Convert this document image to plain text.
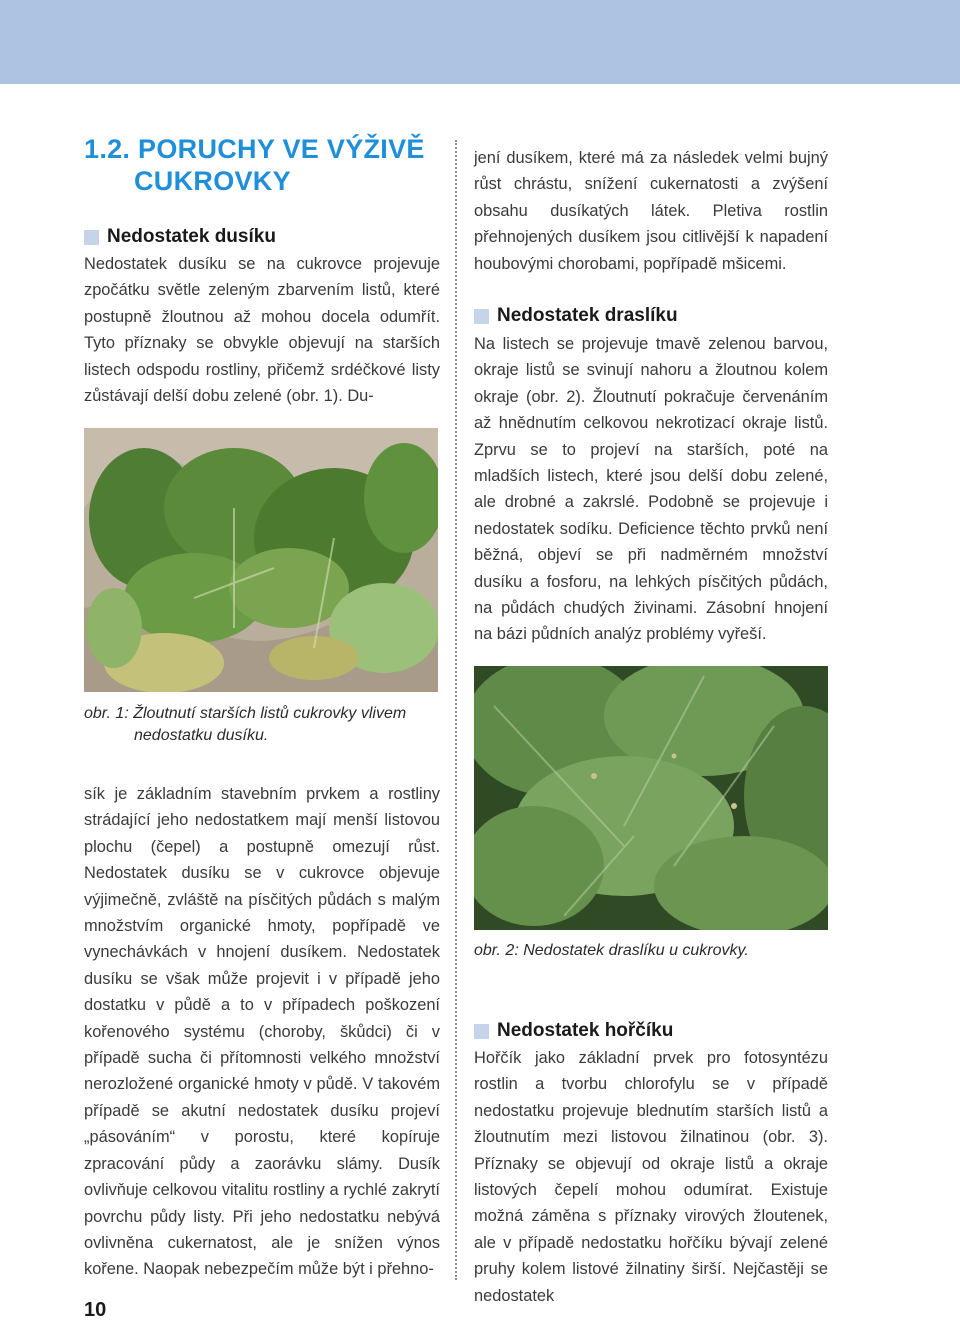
1.2. PORUCHY VE VÝŽIVĚ
CUKROVKY
Nedostatek dusíku

Nedostatek dusíku se na cukrovce projevuje zpočátku světle zeleným zbarvením listů, které postupně žloutnou až mohou docela odumřít. Tyto příznaky se obvykle objevují na starších listech odspodu rostliny, přičemž srdéčkové listy zůstávají delší dobu zelené (obr. 1). Du-

obr. 1: Žloutnutí starších listů cukrovky vlivem
nedostatku dusíku.

sík je základním stavebním prvkem a rostliny strádající jeho nedostatkem mají menší listovou plochu (čepel) a postupně omezují růst. Nedostatek dusíku se v cukrovce objevuje výjimečně, zvláště na písčitých půdách s malým množstvím organické hmoty, popřípadě ve vynechávkách v hnojení dusíkem. Nedostatek dusíku se však může projevit i v případě jeho dostatku v půdě a to v případech poškození kořenového systému (choroby, škůdci) či v případě sucha či přítomnosti velkého množství nerozložené organické hmoty v půdě. V takovém případě se akutní nedostatek dusíku projeví „pásováním“ v porostu, které kopíruje zpracování půdy a zaorávku slámy. Dusík ovlivňuje celkovou vitalitu rostliny a rychlé zakrytí povrchu půdy listy. Při jeho nedostatku nebývá ovlivněna cukernatost, ale je snížen výnos kořene. Naopak nebezpečím může být i přehno-

jení dusíkem, které má za následek velmi bujný růst chrástu, snížení cukernatosti a zvýšení obsahu dusíkatých látek. Pletiva rostlin přehnojených dusíkem jsou citlivější k napadení houbovými chorobami, popřípadě mšicemi.

Nedostatek draslíku

Na listech se projevuje tmavě zelenou barvou, okraje listů se svinují nahoru a žloutnou kolem okraje (obr. 2). Žloutnutí pokračuje červenáním až hnědnutím celkovou nekrotizací okraje listů. Zprvu se to projeví na starších, poté na mladších listech, které jsou delší dobu zelené, ale drobné a zakrslé. Podobně se projevuje i nedostatek sodíku. Deficience těchto prvků není běžná, objeví se při nadměrném množství dusíku a fosforu, na lehkých písčitých půdách, na půdách chudých živinami. Zásobní hnojení na bázi půdních analýz problémy vyřeší.

obr. 2: Nedostatek draslíku u cukrovky.
Nedostatek hořčíku

Hořčík jako základní prvek pro fotosyntézu rostlin a tvorbu chlorofylu se v případě nedostatku projevuje blednutím starších listů a žloutnutím mezi listovou žilnatinou (obr. 3). Příznaky se objevují od okraje listů a okraje listových čepelí mohou odumírat. Existuje možná záměna s příznaky virových žloutenek, ale v případě nedostatku hořčíku bývají zelené pruhy kolem listové žilnatiny širší. Nejčastěji se nedostatek

10
